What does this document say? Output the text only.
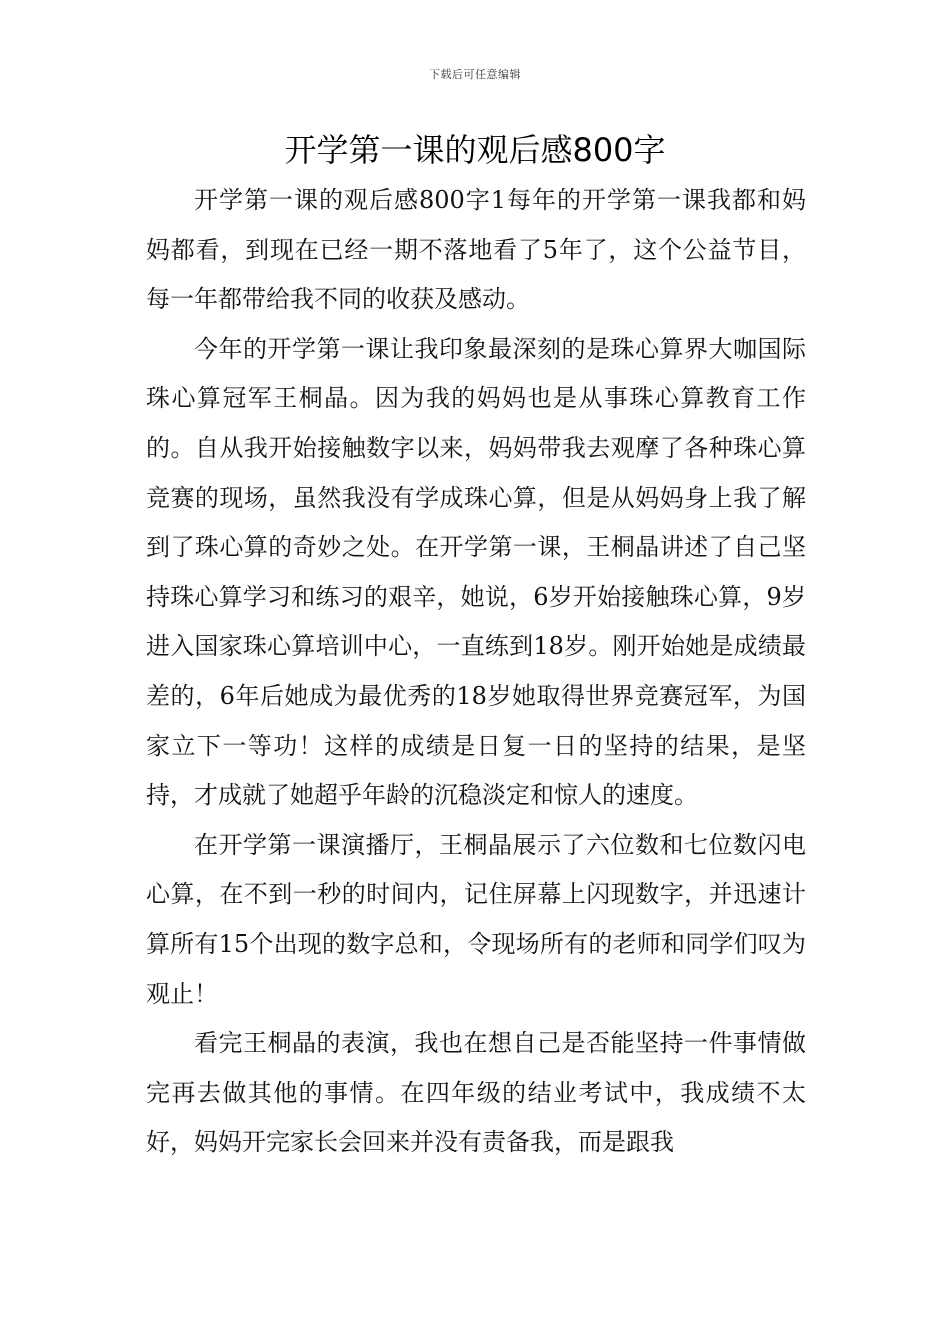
下载后可任意编辑
开学第一课的观后感800字

开学第一课的观后感800字1每年的开学第一课我都和妈妈都看，到现在已经一期不落地看了5年了，这个公益节目，每一年都带给我不同的收获及感动。

今年的开学第一课让我印象最深刻的是珠心算界大咖国际珠心算冠军王桐晶。因为我的妈妈也是从事珠心算教育工作的。自从我开始接触数字以来，妈妈带我去观摩了各种珠心算竞赛的现场，虽然我没有学成珠心算，但是从妈妈身上我了解到了珠心算的奇妙之处。在开学第一课，王桐晶讲述了自己坚持珠心算学习和练习的艰辛，她说，6岁开始接触珠心算，9岁进入国家珠心算培训中心，一直练到18岁。刚开始她是成绩最差的，6年后她成为最优秀的18岁她取得世界竞赛冠军，为国家立下一等功！这样的成绩是日复一日的坚持的结果，是坚持，才成就了她超乎年龄的沉稳淡定和惊人的速度。

在开学第一课演播厅，王桐晶展示了六位数和七位数闪电心算，在不到一秒的时间内，记住屏幕上闪现数字，并迅速计算所有15个出现的数字总和，令现场所有的老师和同学们叹为观止！

看完王桐晶的表演，我也在想自己是否能坚持一件事情做完再去做其他的事情。在四年级的结业考试中，我成绩不太好，妈妈开完家长会回来并没有责备我，而是跟我
